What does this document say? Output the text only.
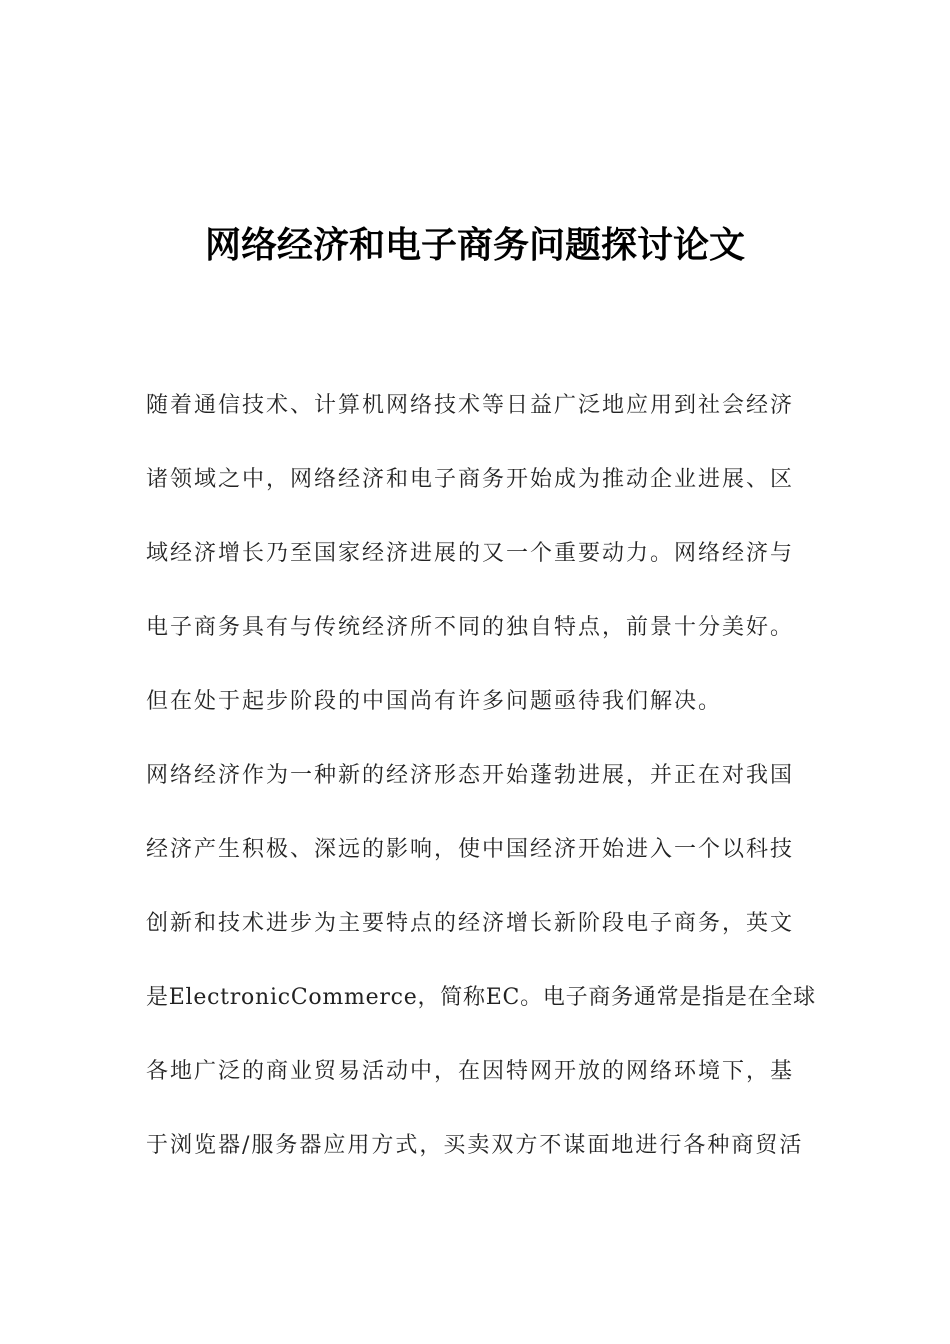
网络经济和电子商务问题探讨论文
随着通信技术、计算机网络技术等日益广泛地应用到社会经济
诸领域之中，网络经济和电子商务开始成为推动企业进展、区
域经济增长乃至国家经济进展的又一个重要动力。网络经济与
电子商务具有与传统经济所不同的独自特点，前景十分美好。
但在处于起步阶段的中国尚有许多问题亟待我们解决。
网络经济作为一种新的经济形态开始蓬勃进展，并正在对我国
经济产生积极、深远的影响，使中国经济开始进入一个以科技
创新和技术进步为主要特点的经济增长新阶段电子商务，英文
是ElectronicCommerce，简称EC。电子商务通常是指是在全球
各地广泛的商业贸易活动中，在因特网开放的网络环境下，基
于浏览器/服务器应用方式，买卖双方不谋面地进行各种商贸活
